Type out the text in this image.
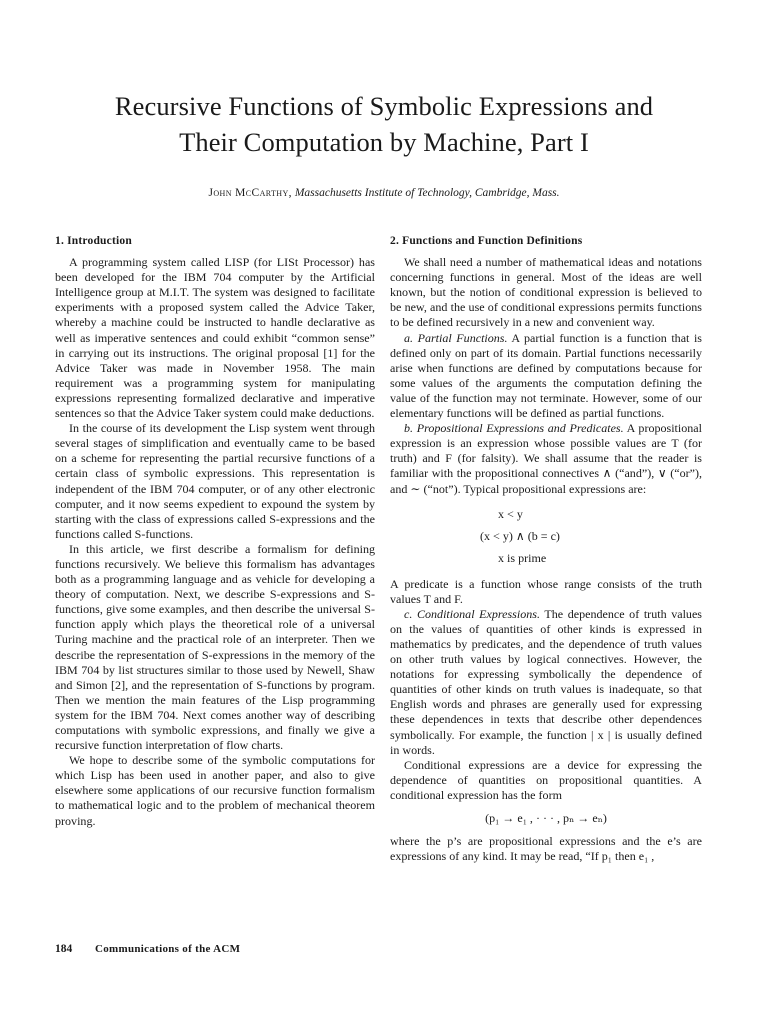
Recursive Functions of Symbolic Expressions and
Their Computation by Machine, Part I
John McCarthy, Massachusetts Institute of Technology, Cambridge, Mass.
1. Introduction

A programming system called LISP (for LISt Processor) has been developed for the IBM 704 computer by the Artificial Intelligence group at M.I.T. The system was designed to facilitate experiments with a proposed system called the Advice Taker, whereby a machine could be instructed to handle declarative as well as imperative sentences and could exhibit “common sense” in carrying out its instructions. The original proposal [1] for the Advice Taker was made in November 1958. The main requirement was a programming system for manipulating expressions representing formalized declarative and imperative sentences so that the Advice Taker system could make deductions.

In the course of its development the Lisp system went through several stages of simplification and eventually came to be based on a scheme for representing the partial recursive functions of a certain class of symbolic expressions. This representation is independent of the IBM 704 computer, or of any other electronic computer, and it now seems expedient to expound the system by starting with the class of expressions called S-expressions and the functions called S-functions.

In this article, we first describe a formalism for defining functions recursively. We believe this formalism has advantages both as a programming language and as vehicle for developing a theory of computation. Next, we describe S-expressions and S-functions, give some examples, and then describe the universal S-function apply which plays the theoretical role of a universal Turing machine and the practical role of an interpreter. Then we describe the representation of S-expressions in the memory of the IBM 704 by list structures similar to those used by Newell, Shaw and Simon [2], and the representation of S-functions by program. Then we mention the main features of the Lisp programming system for the IBM 704. Next comes another way of describing computations with symbolic expressions, and finally we give a recursive function interpretation of flow charts.

We hope to describe some of the symbolic computations for which Lisp has been used in another paper, and also to give elsewhere some applications of our recursive function formalism to mathematical logic and to the problem of mechanical theorem proving.

2. Functions and Function Definitions

We shall need a number of mathematical ideas and notations concerning functions in general. Most of the ideas are well known, but the notion of conditional expression is believed to be new, and the use of conditional expressions permits functions to be defined recursively in a new and convenient way.

a. Partial Functions. A partial function is a function that is defined only on part of its domain. Partial functions necessarily arise when functions are defined by computations because for some values of the arguments the computation defining the value of the function may not terminate. However, some of our elementary functions will be defined as partial functions.

b. Propositional Expressions and Predicates. A propositional expression is an expression whose possible values are T (for truth) and F (for falsity). We shall assume that the reader is familiar with the propositional connectives ∧ (“and”), ∨ (“or”), and ∼ (“not”). Typical propositional expressions are:

x < y
(x < y) ∧ (b = c)
x is prime

A predicate is a function whose range consists of the truth values T and F.

c. Conditional Expressions. The dependence of truth values on the values of quantities of other kinds is expressed in mathematics by predicates, and the dependence of truth values on other truth values by logical connectives. However, the notations for expressing symbolically the dependence of quantities of other kinds on truth values is inadequate, so that English words and phrases are generally used for expressing these dependences in texts that describe other dependences symbolically. For example, the function | x | is usually defined in words.

Conditional expressions are a device for expressing the dependence of quantities on propositional quantities. A conditional expression has the form

(p₁ → e₁ , · · · , pₙ → eₙ)

where the p’s are propositional expressions and the e’s are expressions of any kind. It may be read, “If p₁ then e₁ ,

184 Communications of the ACM
